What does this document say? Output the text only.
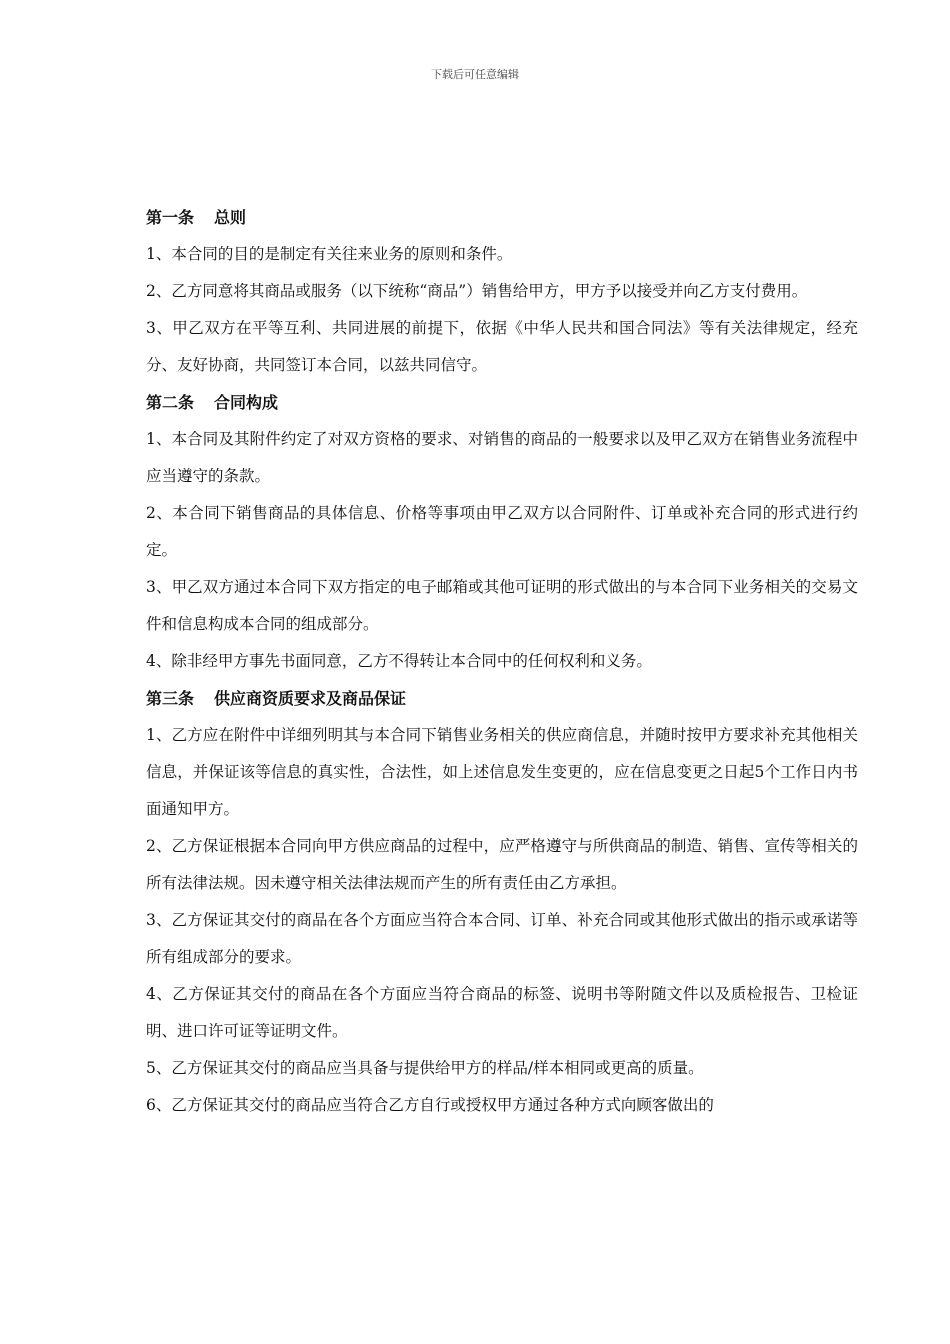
下载后可任意编辑
第一条 总则

1、本合同的目的是制定有关往来业务的原则和条件。

2、乙方同意将其商品或服务（以下统称“商品”）销售给甲方，甲方予以接受并向乙方支付费用。

3、甲乙双方在平等互利、共同进展的前提下，依据《中华人民共和国合同法》等有关法律规定，经充分、友好协商，共同签订本合同，以兹共同信守。

第二条 合同构成

1、本合同及其附件约定了对双方资格的要求、对销售的商品的一般要求以及甲乙双方在销售业务流程中应当遵守的条款。

2、本合同下销售商品的具体信息、价格等事项由甲乙双方以合同附件、订单或补充合同的形式进行约定。

3、甲乙双方通过本合同下双方指定的电子邮箱或其他可证明的形式做出的与本合同下业务相关的交易文件和信息构成本合同的组成部分。

4、除非经甲方事先书面同意，乙方不得转让本合同中的任何权利和义务。

第三条 供应商资质要求及商品保证

1、乙方应在附件中详细列明其与本合同下销售业务相关的供应商信息，并随时按甲方要求补充其他相关信息，并保证该等信息的真实性，合法性，如上述信息发生变更的，应在信息变更之日起5个工作日内书面通知甲方。

2、乙方保证根据本合同向甲方供应商品的过程中，应严格遵守与所供商品的制造、销售、宣传等相关的所有法律法规。因未遵守相关法律法规而产生的所有责任由乙方承担。

3、乙方保证其交付的商品在各个方面应当符合本合同、订单、补充合同或其他形式做出的指示或承诺等所有组成部分的要求。

4、乙方保证其交付的商品在各个方面应当符合商品的标签、说明书等附随文件以及质检报告、卫检证明、进口许可证等证明文件。

5、乙方保证其交付的商品应当具备与提供给甲方的样品/样本相同或更高的质量。

6、乙方保证其交付的商品应当符合乙方自行或授权甲方通过各种方式向顾客做出的
